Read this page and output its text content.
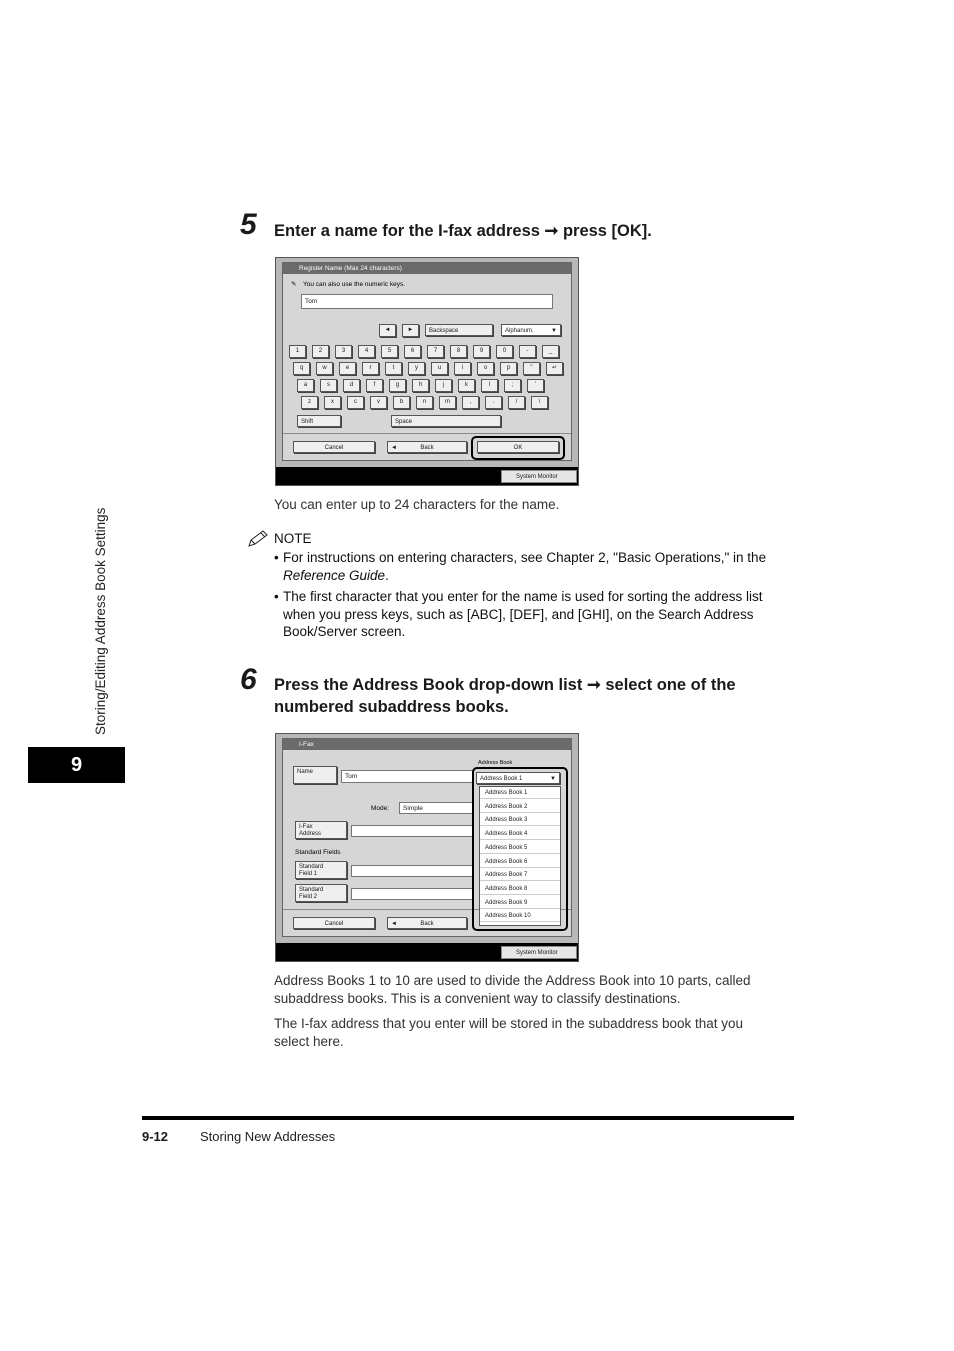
Storing/Editing Address Book Settings
9
5 Enter a name for the I-fax address ➞ press [OK].
Register Name (Max 24 characters)
✎ You can also use the numeric keys.
Tom
◄	►	Backspace	Alphanum.	▼
1	2	3	4	5	6	7	8	9	0	-	_
q	w	e	r	t	y	u	i	o	p	"	↵
a	s	d	f	g	h	j	k	l	;	'
z	x	c	v	b	n	m	,	.	/	\
Shift	Space
Cancel	◄	Back	OK
System Monitor
You can enter up to 24 characters for the name.
NOTE
• For instructions on entering characters, see Chapter 2, "Basic Operations," in the
Reference Guide.
• The first character that you enter for the name is used for sorting the address list
when you press keys, such as [ABC], [DEF], and [GHI], on the Search Address
Book/Server screen.
6 Press the Address Book drop-down list ➞ select one of the
numbered subaddress books.
I-Fax
Name
Tom
Mode:	Simple
I-Fax
Address
Standard Fields
Standard
Field 1
Standard
Field 2
Cancel	◄	Back
Address Book
Address Book 1	▼
Address Book 1
Address Book 2
Address Book 3
Address Book 4
Address Book 5
Address Book 6
Address Book 7
Address Book 8
Address Book 9
Address Book 10
System Monitor
Address Books 1 to 10 are used to divide the Address Book into 10 parts, called
subaddress books. This is a convenient way to classify destinations.
The I-fax address that you enter will be stored in the subaddress book that you
select here.
9-12 Storing New Addresses
